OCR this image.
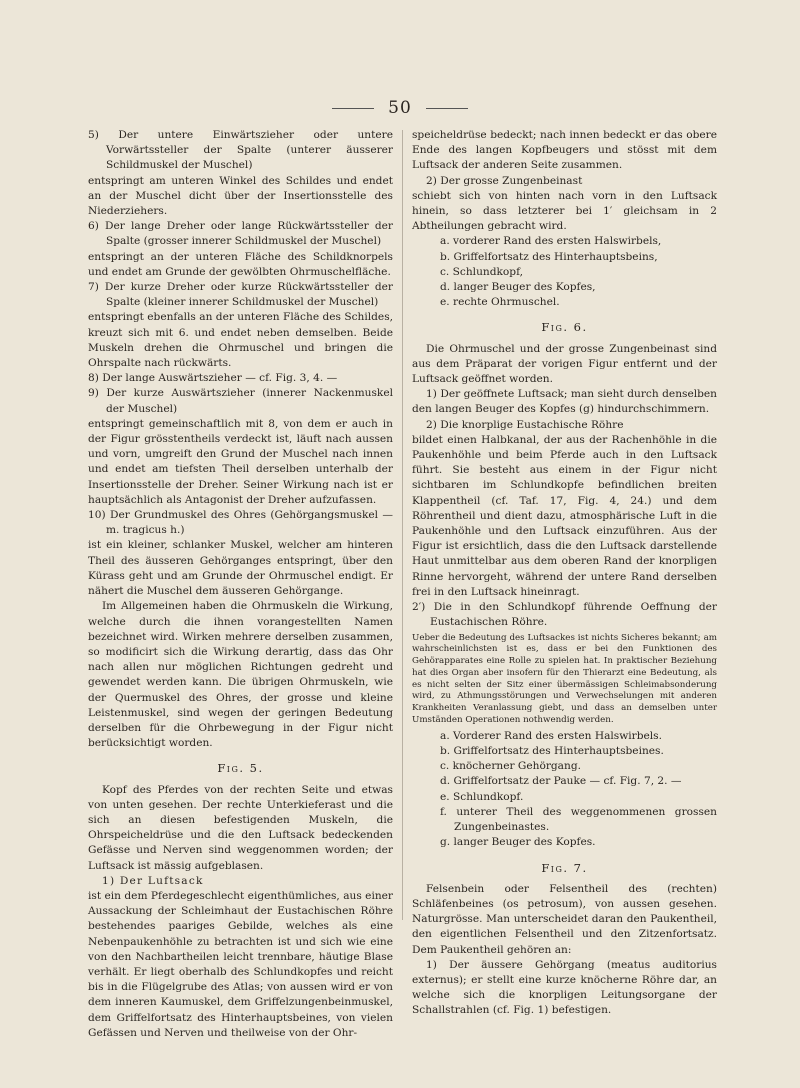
50

5) Der untere Einwärtszieher oder untere Vorwärtssteller der Spalte (unterer äusserer Schildmuskel der Muschel)

entspringt am unteren Winkel des Schildes und endet an der Muschel dicht über der Insertionsstelle des Niederziehers.

6) Der lange Dreher oder lange Rückwärtssteller der Spalte (grosser innerer Schildmuskel der Muschel)

entspringt an der unteren Fläche des Schildknorpels und endet am Grunde der gewölbten Ohrmuschelfläche.

7) Der kurze Dreher oder kurze Rückwärtssteller der Spalte (kleiner innerer Schildmuskel der Muschel)

entspringt ebenfalls an der unteren Fläche des Schildes, kreuzt sich mit 6. und endet neben demselben. Beide Muskeln drehen die Ohrmuschel und bringen die Ohrspalte nach rückwärts.

8) Der lange Auswärtszieher — cf. Fig. 3, 4. —

9) Der kurze Auswärtszieher (innerer Nackenmuskel der Muschel)

entspringt gemeinschaftlich mit 8, von dem er auch in der Figur grösstentheils verdeckt ist, läuft nach aussen und vorn, umgreift den Grund der Muschel nach innen und endet am tiefsten Theil derselben unterhalb der Insertionsstelle der Dreher. Seiner Wirkung nach ist er hauptsächlich als Antagonist der Dreher aufzufassen.

10) Der Grundmuskel des Ohres (Gehörgangsmuskel — m. tragicus h.)

ist ein kleiner, schlanker Muskel, welcher am hinteren Theil des äusseren Gehörganges entspringt, über den Kürass geht und am Grunde der Ohrmuschel endigt. Er nähert die Muschel dem äusseren Gehörgange.

Im Allgemeinen haben die Ohrmuskeln die Wirkung, welche durch die ihnen vorangestellten Namen bezeichnet wird. Wirken mehrere derselben zusammen, so modificirt sich die Wirkung derartig, dass das Ohr nach allen nur möglichen Richtungen gedreht und gewendet werden kann. Die übrigen Ohrmuskeln, wie der Quermuskel des Ohres, der grosse und kleine Leistenmuskel, sind wegen der geringen Bedeutung derselben für die Ohrbewegung in der Figur nicht berücksichtigt worden.

Fig. 5.

Kopf des Pferdes von der rechten Seite und etwas von unten gesehen. Der rechte Unterkieferast und die sich an diesen befestigenden Muskeln, die Ohrspeicheldrüse und die den Luftsack bedeckenden Gefässe und Nerven sind weggenommen worden; der Luftsack ist mässig aufgeblasen.

1) Der Luftsack

ist ein dem Pferdegeschlecht eigenthümliches, aus einer Aussackung der Schleimhaut der Eustachischen Röhre bestehendes paariges Gebilde, welches als eine Nebenpaukenhöhle zu betrachten ist und sich wie eine von den Nachbartheilen leicht trennbare, häutige Blase verhält. Er liegt oberhalb des Schlundkopfes und reicht bis in die Flügelgrube des Atlas; von aussen wird er von dem inneren Kaumuskel, dem Griffelzungenbeinmuskel, dem Griffelfortsatz des Hinterhauptsbeines, von vielen Gefässen und Nerven und theilweise von der Ohr-

speicheldrüse bedeckt; nach innen bedeckt er das obere Ende des langen Kopfbeugers und stösst mit dem Luftsack der anderen Seite zusammen.

2) Der grosse Zungenbeinast

schiebt sich von hinten nach vorn in den Luftsack hinein, so dass letzterer bei 1′ gleichsam in 2 Abtheilungen gebracht wird.

a. vorderer Rand des ersten Halswirbels,

b. Griffelfortsatz des Hinterhauptsbeins,

c. Schlundkopf,

d. langer Beuger des Kopfes,

e. rechte Ohrmuschel.

Fig. 6.

Die Ohrmuschel und der grosse Zungenbeinast sind aus dem Präparat der vorigen Figur entfernt und der Luftsack geöffnet worden.

1) Der geöffnete Luftsack; man sieht durch denselben den langen Beuger des Kopfes (g) hindurchschimmern.

2) Die knorplige Eustachische Röhre

bildet einen Halbkanal, der aus der Rachenhöhle in die Paukenhöhle und beim Pferde auch in den Luftsack führt. Sie besteht aus einem in der Figur nicht sichtbaren im Schlundkopfe befindlichen breiten Klappentheil (cf. Taf. 17, Fig. 4, 24.) und dem Röhrentheil und dient dazu, atmosphärische Luft in die Paukenhöhle und den Luftsack einzuführen. Aus der Figur ist ersichtlich, dass die den Luftsack darstellende Haut unmittelbar aus dem oberen Rand der knorpligen Rinne hervorgeht, während der untere Rand derselben frei in den Luftsack hineinragt.

2′) Die in den Schlundkopf führende Oeffnung der Eustachischen Röhre.

Ueber die Bedeutung des Luftsackes ist nichts Sicheres bekannt; am wahrscheinlichsten ist es, dass er bei den Funktionen des Gehörapparates eine Rolle zu spielen hat. In praktischer Beziehung hat dies Organ aber insofern für den Thierarzt eine Bedeutung, als es nicht selten der Sitz einer übermässigen Schleimabsonderung wird, zu Athmungsstörungen und Verwechselungen mit anderen Krankheiten Veranlassung giebt, und dass an demselben unter Umständen Operationen nothwendig werden.

a. Vorderer Rand des ersten Halswirbels.

b. Griffelfortsatz des Hinterhauptsbeines.

c. knöcherner Gehörgang.

d. Griffelfortsatz der Pauke — cf. Fig. 7, 2. —

e. Schlundkopf.

f. unterer Theil des weggenommenen grossen Zungenbeinastes.

g. langer Beuger des Kopfes.

Fig. 7.

Felsenbein oder Felsentheil des (rechten) Schläfenbeines (os petrosum), von aussen gesehen. Naturgrösse. Man unterscheidet daran den Paukentheil, den eigentlichen Felsentheil und den Zitzenfortsatz. Dem Paukentheil gehören an:

1) Der äussere Gehörgang (meatus auditorius externus); er stellt eine kurze knöcherne Röhre dar, an welche sich die knorpligen Leitungsorgane der Schallstrahlen (cf. Fig. 1) befestigen.
